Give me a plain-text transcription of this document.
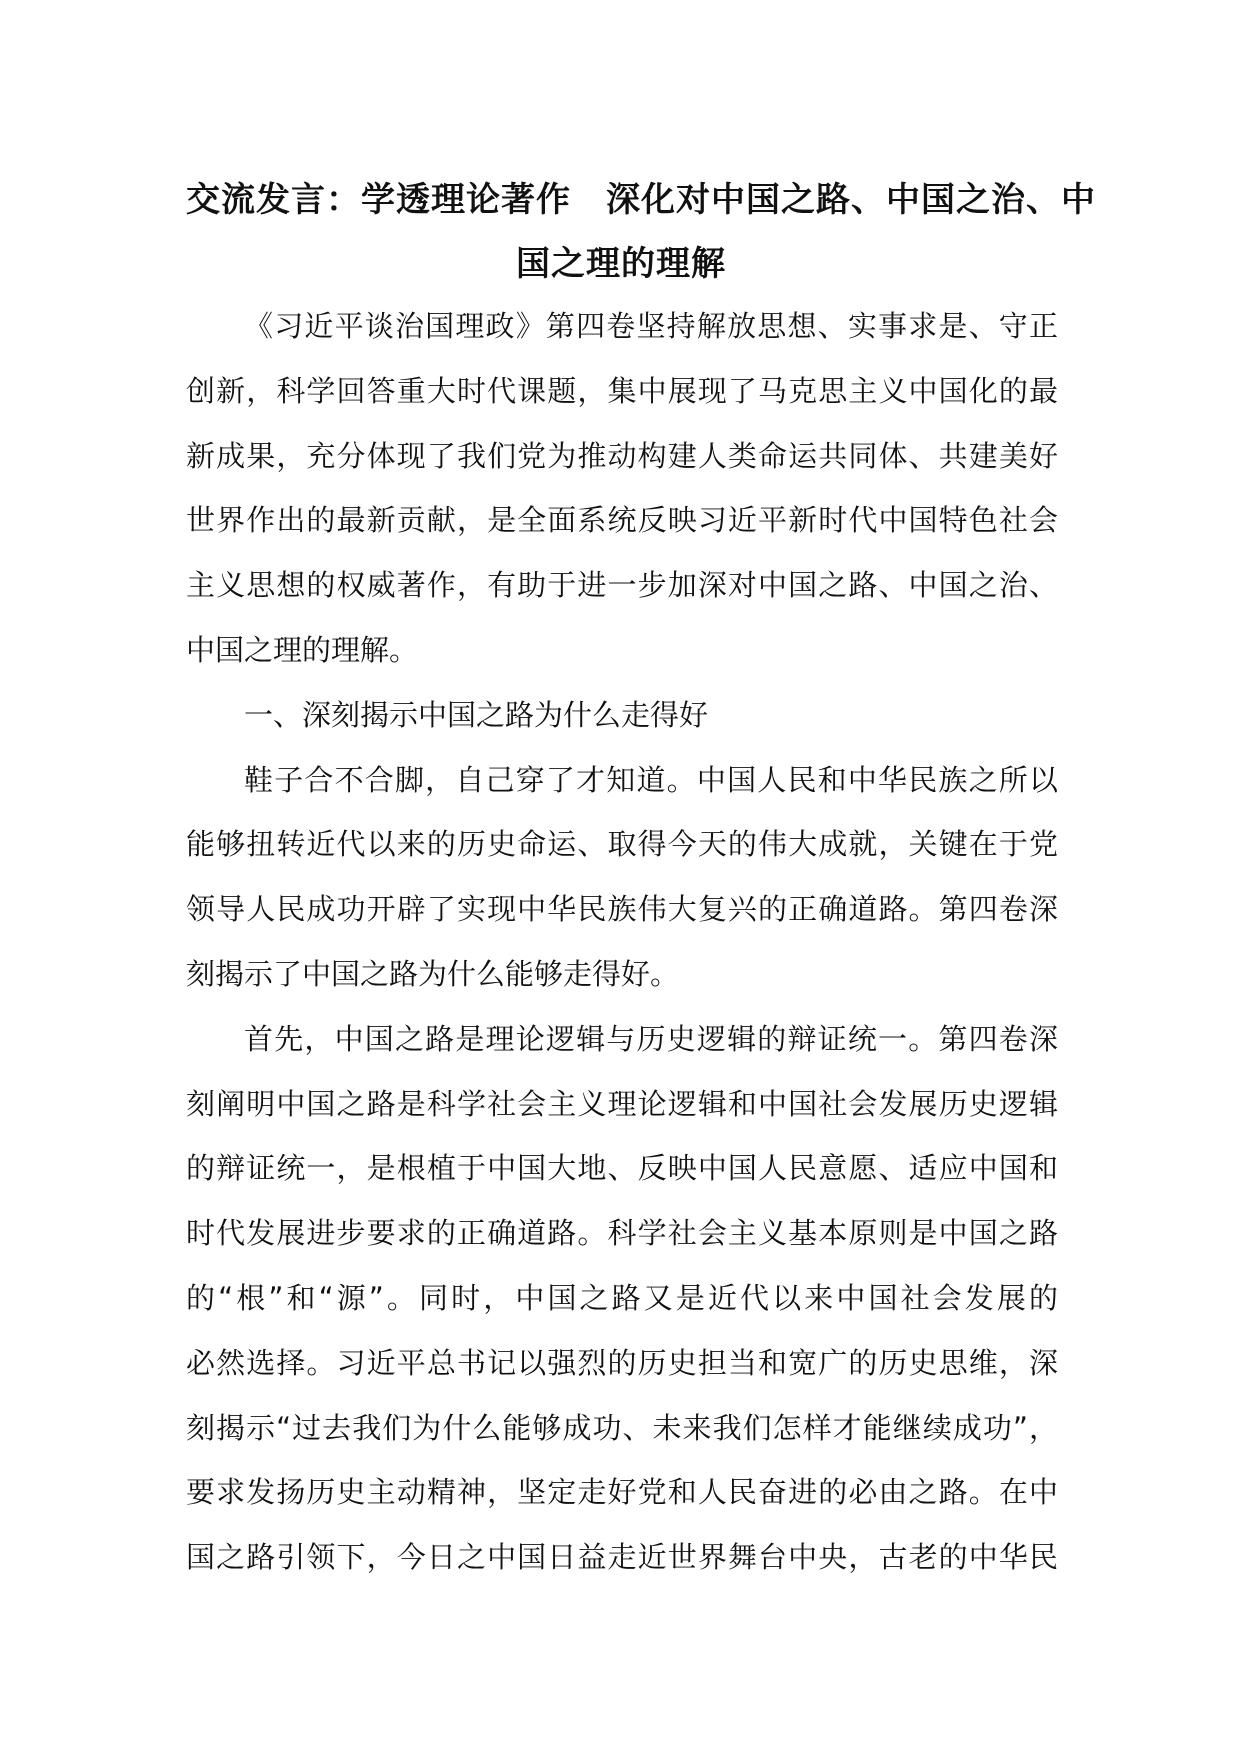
交流发言：学透理论著作　深化对中国之路、中国之治、中
国之理的理解

《习近平谈治国理政》第四卷坚持解放思想、实事求是、守正
创新，科学回答重大时代课题，集中展现了马克思主义中国化的最
新成果，充分体现了我们党为推动构建人类命运共同体、共建美好
世界作出的最新贡献，是全面系统反映习近平新时代中国特色社会
主义思想的权威著作，有助于进一步加深对中国之路、中国之治、
中国之理的理解。

一、深刻揭示中国之路为什么走得好

鞋子合不合脚，自己穿了才知道。中国人民和中华民族之所以
能够扭转近代以来的历史命运、取得今天的伟大成就，关键在于党
领导人民成功开辟了实现中华民族伟大复兴的正确道路。第四卷深
刻揭示了中国之路为什么能够走得好。

首先，中国之路是理论逻辑与历史逻辑的辩证统一。第四卷深
刻阐明中国之路是科学社会主义理论逻辑和中国社会发展历史逻辑
的辩证统一，是根植于中国大地、反映中国人民意愿、适应中国和
时代发展进步要求的正确道路。科学社会主义基本原则是中国之路
的“根”和“源”。同时，中国之路又是近代以来中国社会发展的
必然选择。习近平总书记以强烈的历史担当和宽广的历史思维，深
刻揭示“过去我们为什么能够成功、未来我们怎样才能继续成功”，
要求发扬历史主动精神，坚定走好党和人民奋进的必由之路。在中
国之路引领下，今日之中国日益走近世界舞台中央，古老的中华民
